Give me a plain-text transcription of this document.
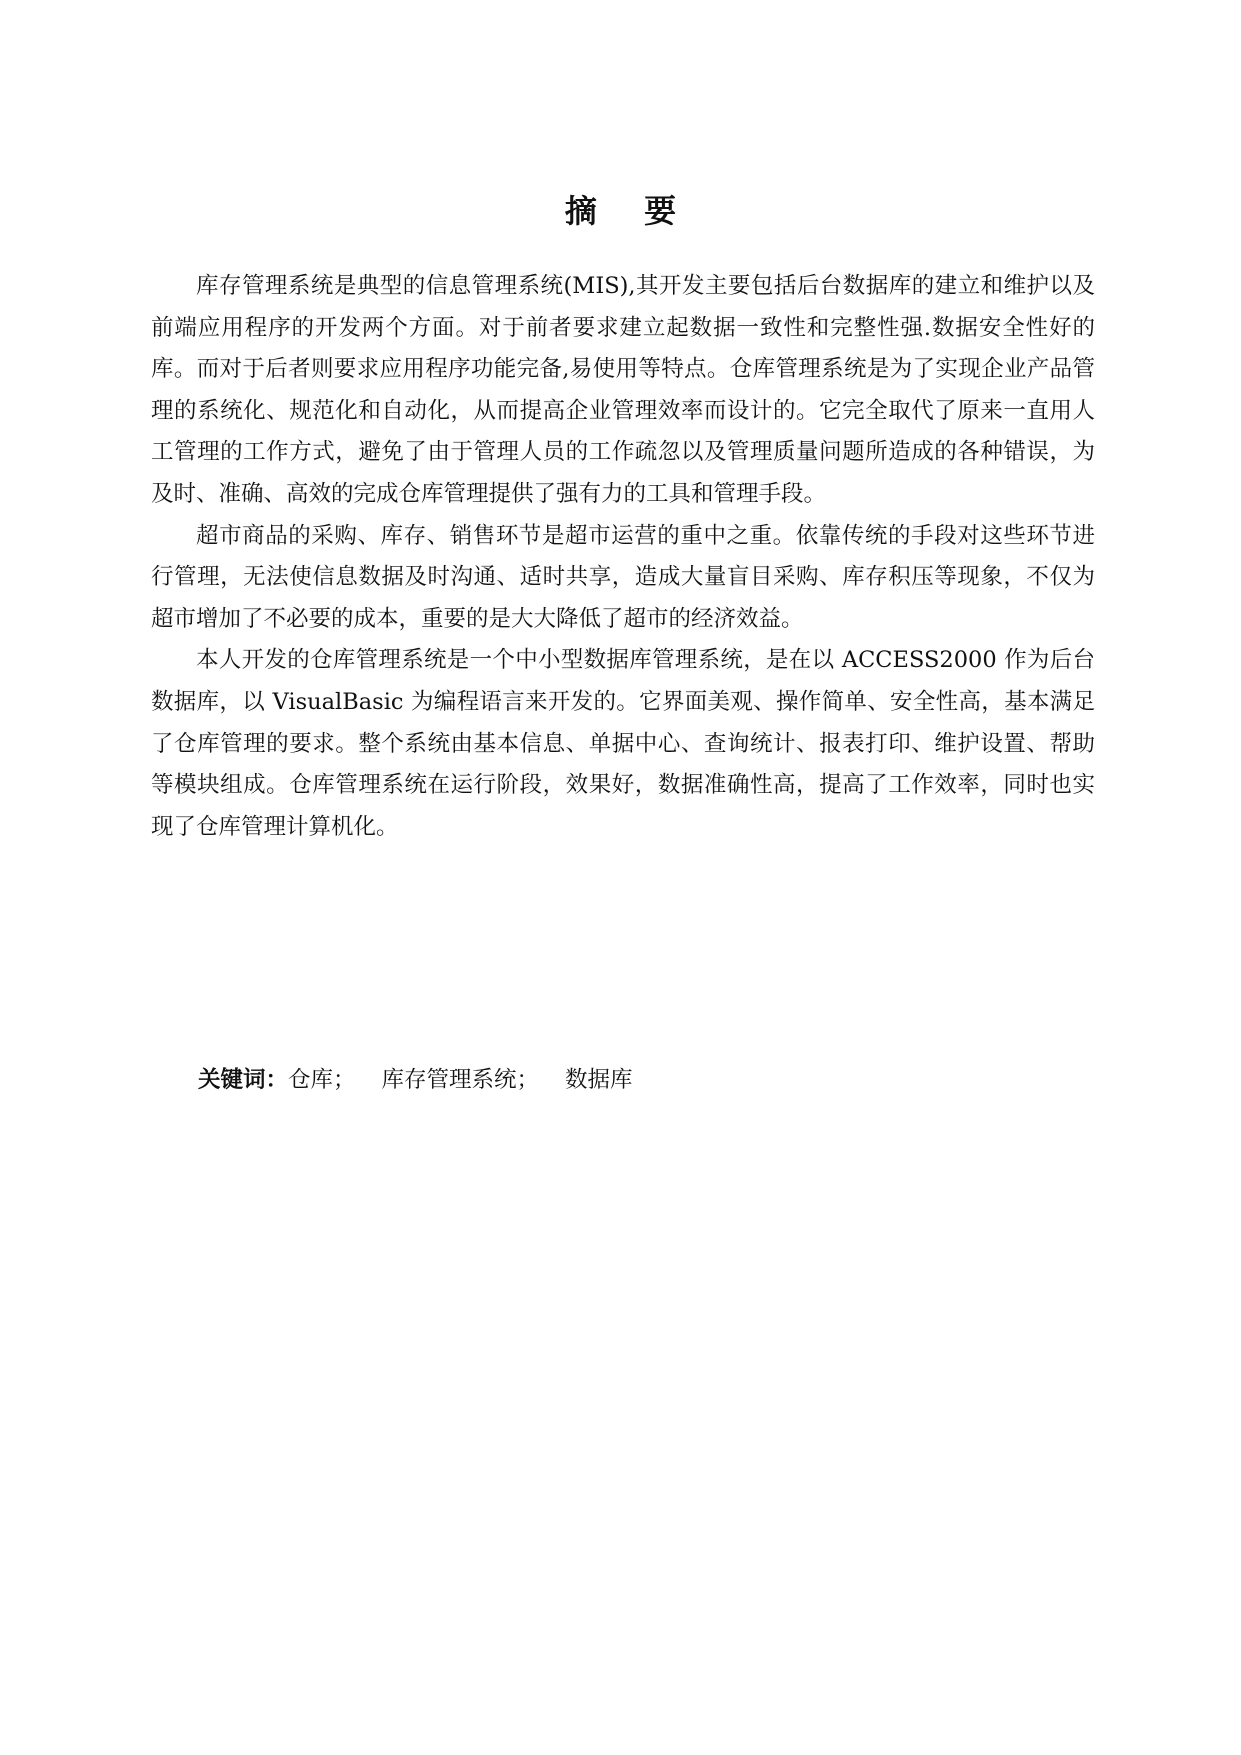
摘 要

库存管理系统是典型的信息管理系统(MIS),其开发主要包括后台数据库的建立和维护以及前端应用程序的开发两个方面。对于前者要求建立起数据一致性和完整性强.数据安全性好的库。而对于后者则要求应用程序功能完备,易使用等特点。仓库管理系统是为了实现企业产品管理的系统化、规范化和自动化，从而提高企业管理效率而设计的。它完全取代了原来一直用人工管理的工作方式，避免了由于管理人员的工作疏忽以及管理质量问题所造成的各种错误，为及时、准确、高效的完成仓库管理提供了强有力的工具和管理手段。

超市商品的采购、库存、销售环节是超市运营的重中之重。依靠传统的手段对这些环节进行管理，无法使信息数据及时沟通、适时共享，造成大量盲目采购、库存积压等现象，不仅为超市增加了不必要的成本，重要的是大大降低了超市的经济效益。

本人开发的仓库管理系统是一个中小型数据库管理系统，是在以 ACCESS2000 作为后台数据库，以 VisualBasic 为编程语言来开发的。它界面美观、操作简单、安全性高，基本满足了仓库管理的要求。整个系统由基本信息、单据中心、查询统计、报表打印、维护设置、帮助等模块组成。仓库管理系统在运行阶段，效果好，数据准确性高，提高了工作效率，同时也实现了仓库管理计算机化。

关键词：仓库； 库存管理系统； 数据库
